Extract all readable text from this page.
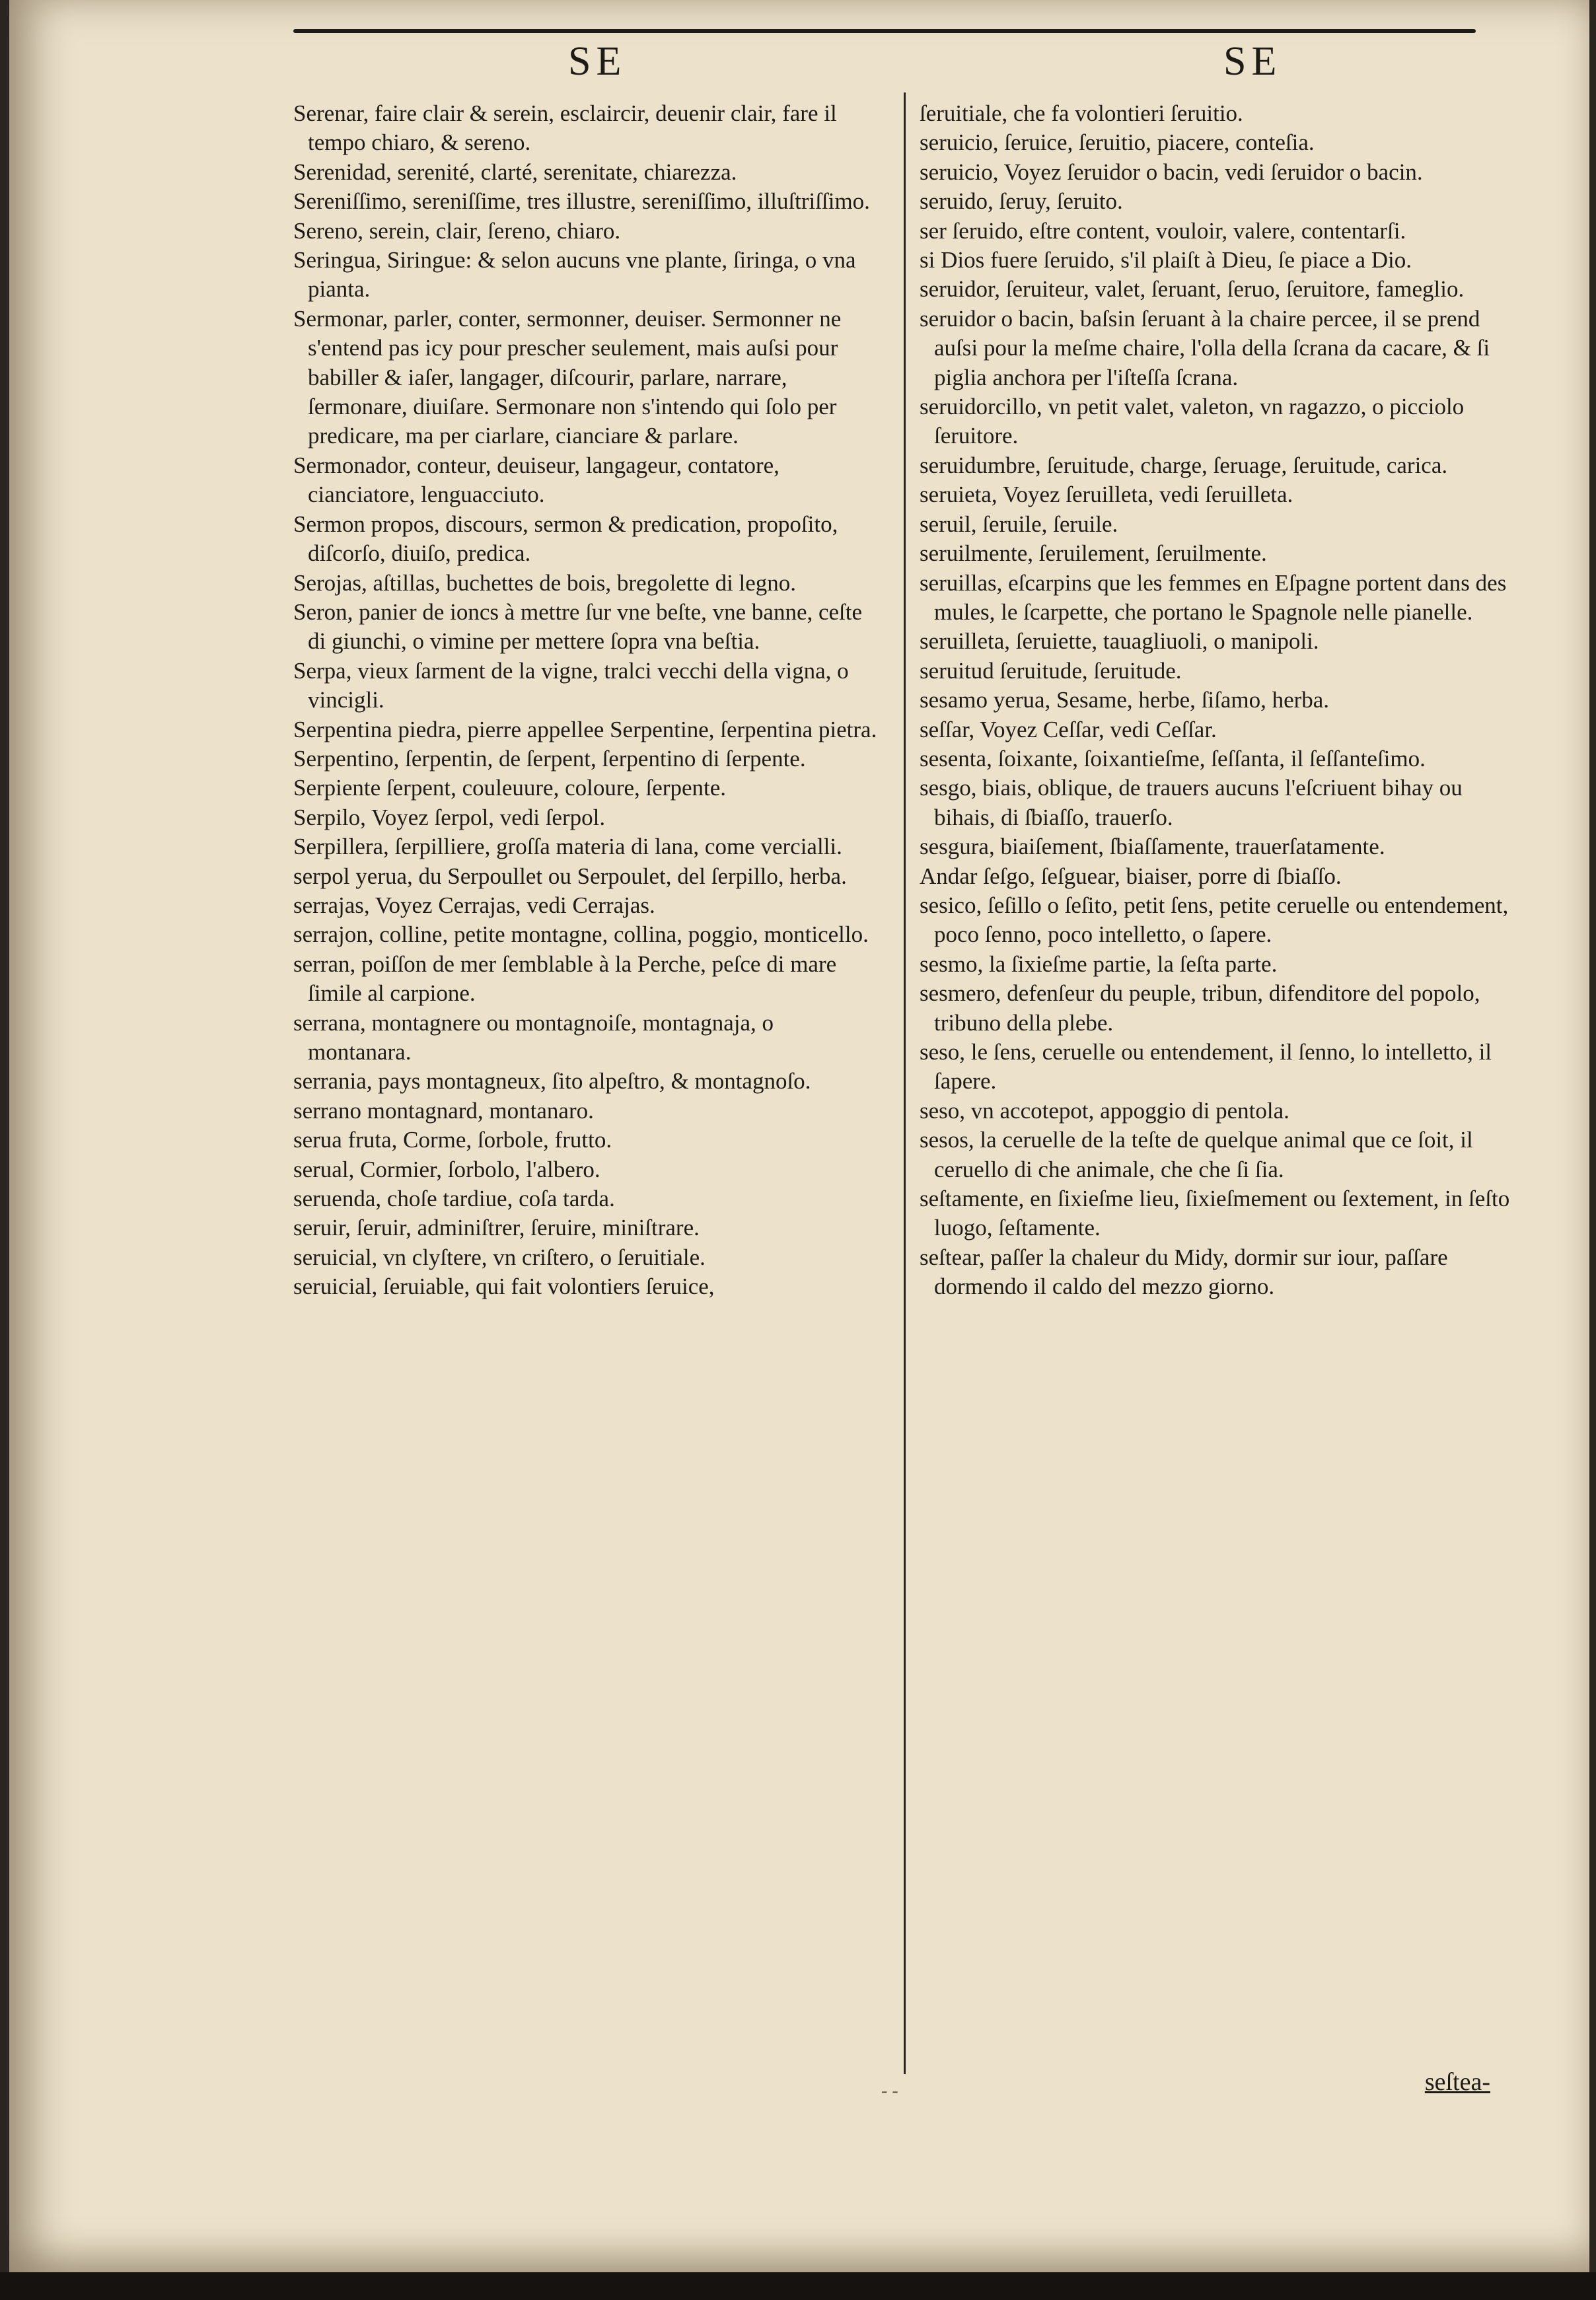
SE	SE

Serenar, faire clair & serein, esclaircir, deuenir clair, fare il tempo chiaro, & sereno.

Serenidad, serenité, clarté, serenitate, chiarezza.

Sereniſſimo, sereniſſime, tres illustre, sereniſſimo, illuſtriſſimo.

Sereno, serein, clair, ſereno, chiaro.

Seringua, Siringue: & selon aucuns vne plante, ſiringa, o vna pianta.

Sermonar, parler, conter, sermonner, deuiser. Sermonner ne s'entend pas icy pour prescher seulement, mais auſsi pour babiller & iaſer, langager, diſcourir, parlare, narrare, ſermonare, diuiſare. Sermonare non s'intendo qui ſolo per predicare, ma per ciarlare, cianciare & parlare.

Sermonador, conteur, deuiseur, langageur, contatore, cianciatore, lenguacciuto.

Sermon propos, discours, sermon & predication, propoſito, diſcorſo, diuiſo, predica.

Serojas, aſtillas, buchettes de bois, bregolette di legno.

Seron, panier de ioncs à mettre ſur vne beſte, vne banne, ceſte di giunchi, o vimine per mettere ſopra vna beſtia.

Serpa, vieux ſarment de la vigne, tralci vecchi della vigna, o vincigli.

Serpentina piedra, pierre appellee Serpentine, ſerpentina pietra.

Serpentino, ſerpentin, de ſerpent, ſerpentino di ſerpente.

Serpiente ſerpent, couleuure, coloure, ſerpente.

Serpilo, Voyez ſerpol, vedi ſerpol.

Serpillera, ſerpilliere, groſſa materia di lana, come vercialli.

serpol yerua, du Serpoullet ou Serpoulet, del ſerpillo, herba.

serrajas, Voyez Cerrajas, vedi Cerrajas.

serrajon, colline, petite montagne, collina, poggio, monticello.

serran, poiſſon de mer ſemblable à la Perche, peſce di mare ſimile al carpione.

serrana, montagnere ou montagnoiſe, montagnaja, o montanara.

serrania, pays montagneux, ſito alpeſtro, & montagnoſo.

serrano montagnard, montanaro.

serua fruta, Corme, ſorbole, frutto.

serual, Cormier, ſorbolo, l'albero.

seruenda, choſe tardiue, coſa tarda.

seruir, ſeruir, adminiſtrer, ſeruire, miniſtrare.

seruicial, vn clyſtere, vn criſtero, o ſeruitiale.

seruicial, ſeruiable, qui fait volontiers ſeruice,

ſeruitiale, che fa volontieri ſeruitio.

seruicio, ſeruice, ſeruitio, piacere, conteſia.

seruicio, Voyez ſeruidor o bacin, vedi ſeruidor o bacin.

seruido, ſeruy, ſeruito.

ser ſeruido, eſtre content, vouloir, valere, contentarſi.

si Dios fuere ſeruido, s'il plaiſt à Dieu, ſe piace a Dio.

seruidor, ſeruiteur, valet, ſeruant, ſeruo, ſeruitore, fameglio.

seruidor o bacin, baſsin ſeruant à la chaire percee, il se prend auſsi pour la meſme chaire, l'olla della ſcrana da cacare, & ſi piglia anchora per l'iſteſſa ſcrana.

seruidorcillo, vn petit valet, valeton, vn ragazzo, o picciolo ſeruitore.

seruidumbre, ſeruitude, charge, ſeruage, ſeruitude, carica.

seruieta, Voyez ſeruilleta, vedi ſeruilleta.

seruil, ſeruile, ſeruile.

seruilmente, ſeruilement, ſeruilmente.

seruillas, eſcarpins que les femmes en Eſpagne portent dans des mules, le ſcarpette, che portano le Spagnole nelle pianelle.

seruilleta, ſeruiette, tauagliuoli, o manipoli.

seruitud ſeruitude, ſeruitude.

sesamo yerua, Sesame, herbe, ſiſamo, herba.

seſſar, Voyez Ceſſar, vedi Ceſſar.

sesenta, ſoixante, ſoixantieſme, ſeſſanta, il ſeſſanteſimo.

sesgo, biais, oblique, de trauers aucuns l'eſcriuent bihay ou bihais, di ſbiaſſo, trauerſo.

sesgura, biaiſement, ſbiaſſamente, trauerſatamente.

Andar ſeſgo, ſeſguear, biaiser, porre di ſbiaſſo.

sesico, ſeſillo o ſeſito, petit ſens, petite ceruelle ou entendement, poco ſenno, poco intelletto, o ſapere.

sesmo, la ſixieſme partie, la ſeſta parte.

sesmero, defenſeur du peuple, tribun, difenditore del popolo, tribuno della plebe.

seso, le ſens, ceruelle ou entendement, il ſenno, lo intelletto, il ſapere.

seso, vn accotepot, appoggio di pentola.

sesos, la ceruelle de la teſte de quelque animal que ce ſoit, il ceruello di che animale, che che ſi ſia.

seſtamente, en ſixieſme lieu, ſixieſmement ou ſextement, in ſeſto luogo, ſeſtamente.

seſtear, paſſer la chaleur du Midy, dormir sur iour, paſſare dormendo il caldo del mezzo giorno.

‑ ‑	seſtea-
